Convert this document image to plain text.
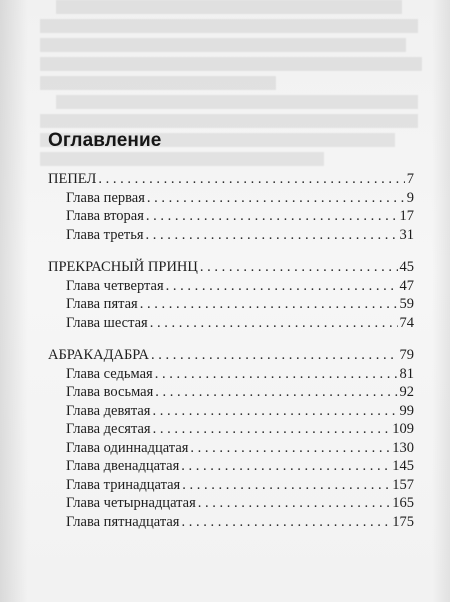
Оглавление
ПЕПЕЛ . . .	7
Глава первая . . .	9
Глава вторая . . .	17
Глава третья . . .	31
ПРЕКРАСНЫЙ ПРИНЦ . . .	45
Глава четвертая . . .	47
Глава пятая . . .	59
Глава шестая . . .	74
АБРАКАДАБРА . . .	79
Глава седьмая . . .	81
Глава восьмая . . .	92
Глава девятая . . .	99
Глава десятая . . .	109
Глава одиннадцатая . . .	130
Глава двенадцатая . . .	145
Глава тринадцатая . . .	157
Глава четырнадцатая . . .	165
Глава пятнадцатая . . .	175
